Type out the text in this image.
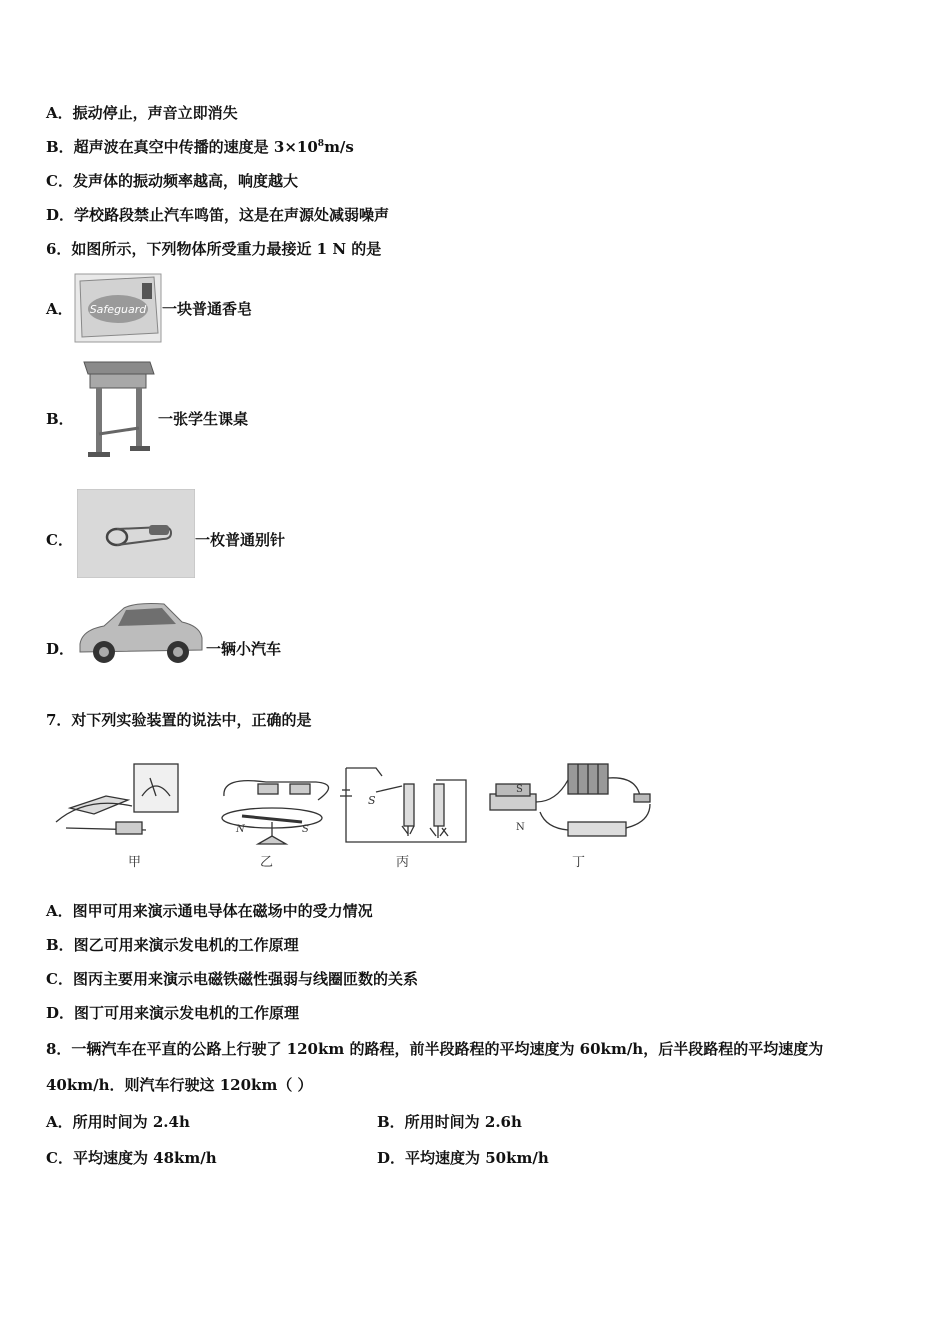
A．振动停止，声音立即消失
B．超声波在真空中传播的速度是 $3\times 10^8m/s$
C．发声体的振动频率越高，响度越大
D．学校路段禁止汽车鸣笛，这是在声源处减弱噪声
6．如图所示，下列物体所受重力最接近 1 N 的是
A． Safeguard 一块普通香皂
B．	一张学生课桌
C．	一枚普通别针
D．	一辆小汽车
7．对下列实验装置的说法中，正确的是
N	S
S
S
N
甲	乙	丙	丁
A．图甲可用来演示通电导体在磁场中的受力情况
B．图乙可用来演示发电机的工作原理
C．图丙主要用来演示电磁铁磁性强弱与线圈匝数的关系
D．图丁可用来演示发电机的工作原理
8．一辆汽车在平直的公路上行驶了 120km 的路程，前半段路程的平均速度为 60km/h，后半段路程的平均速度为
40km/h．则汽车行驶这 120km（ ）
A．所用时间为 2.4h	B．所用时间为 2.6h
C．平均速度为 48km/h	D．平均速度为 50km/h
